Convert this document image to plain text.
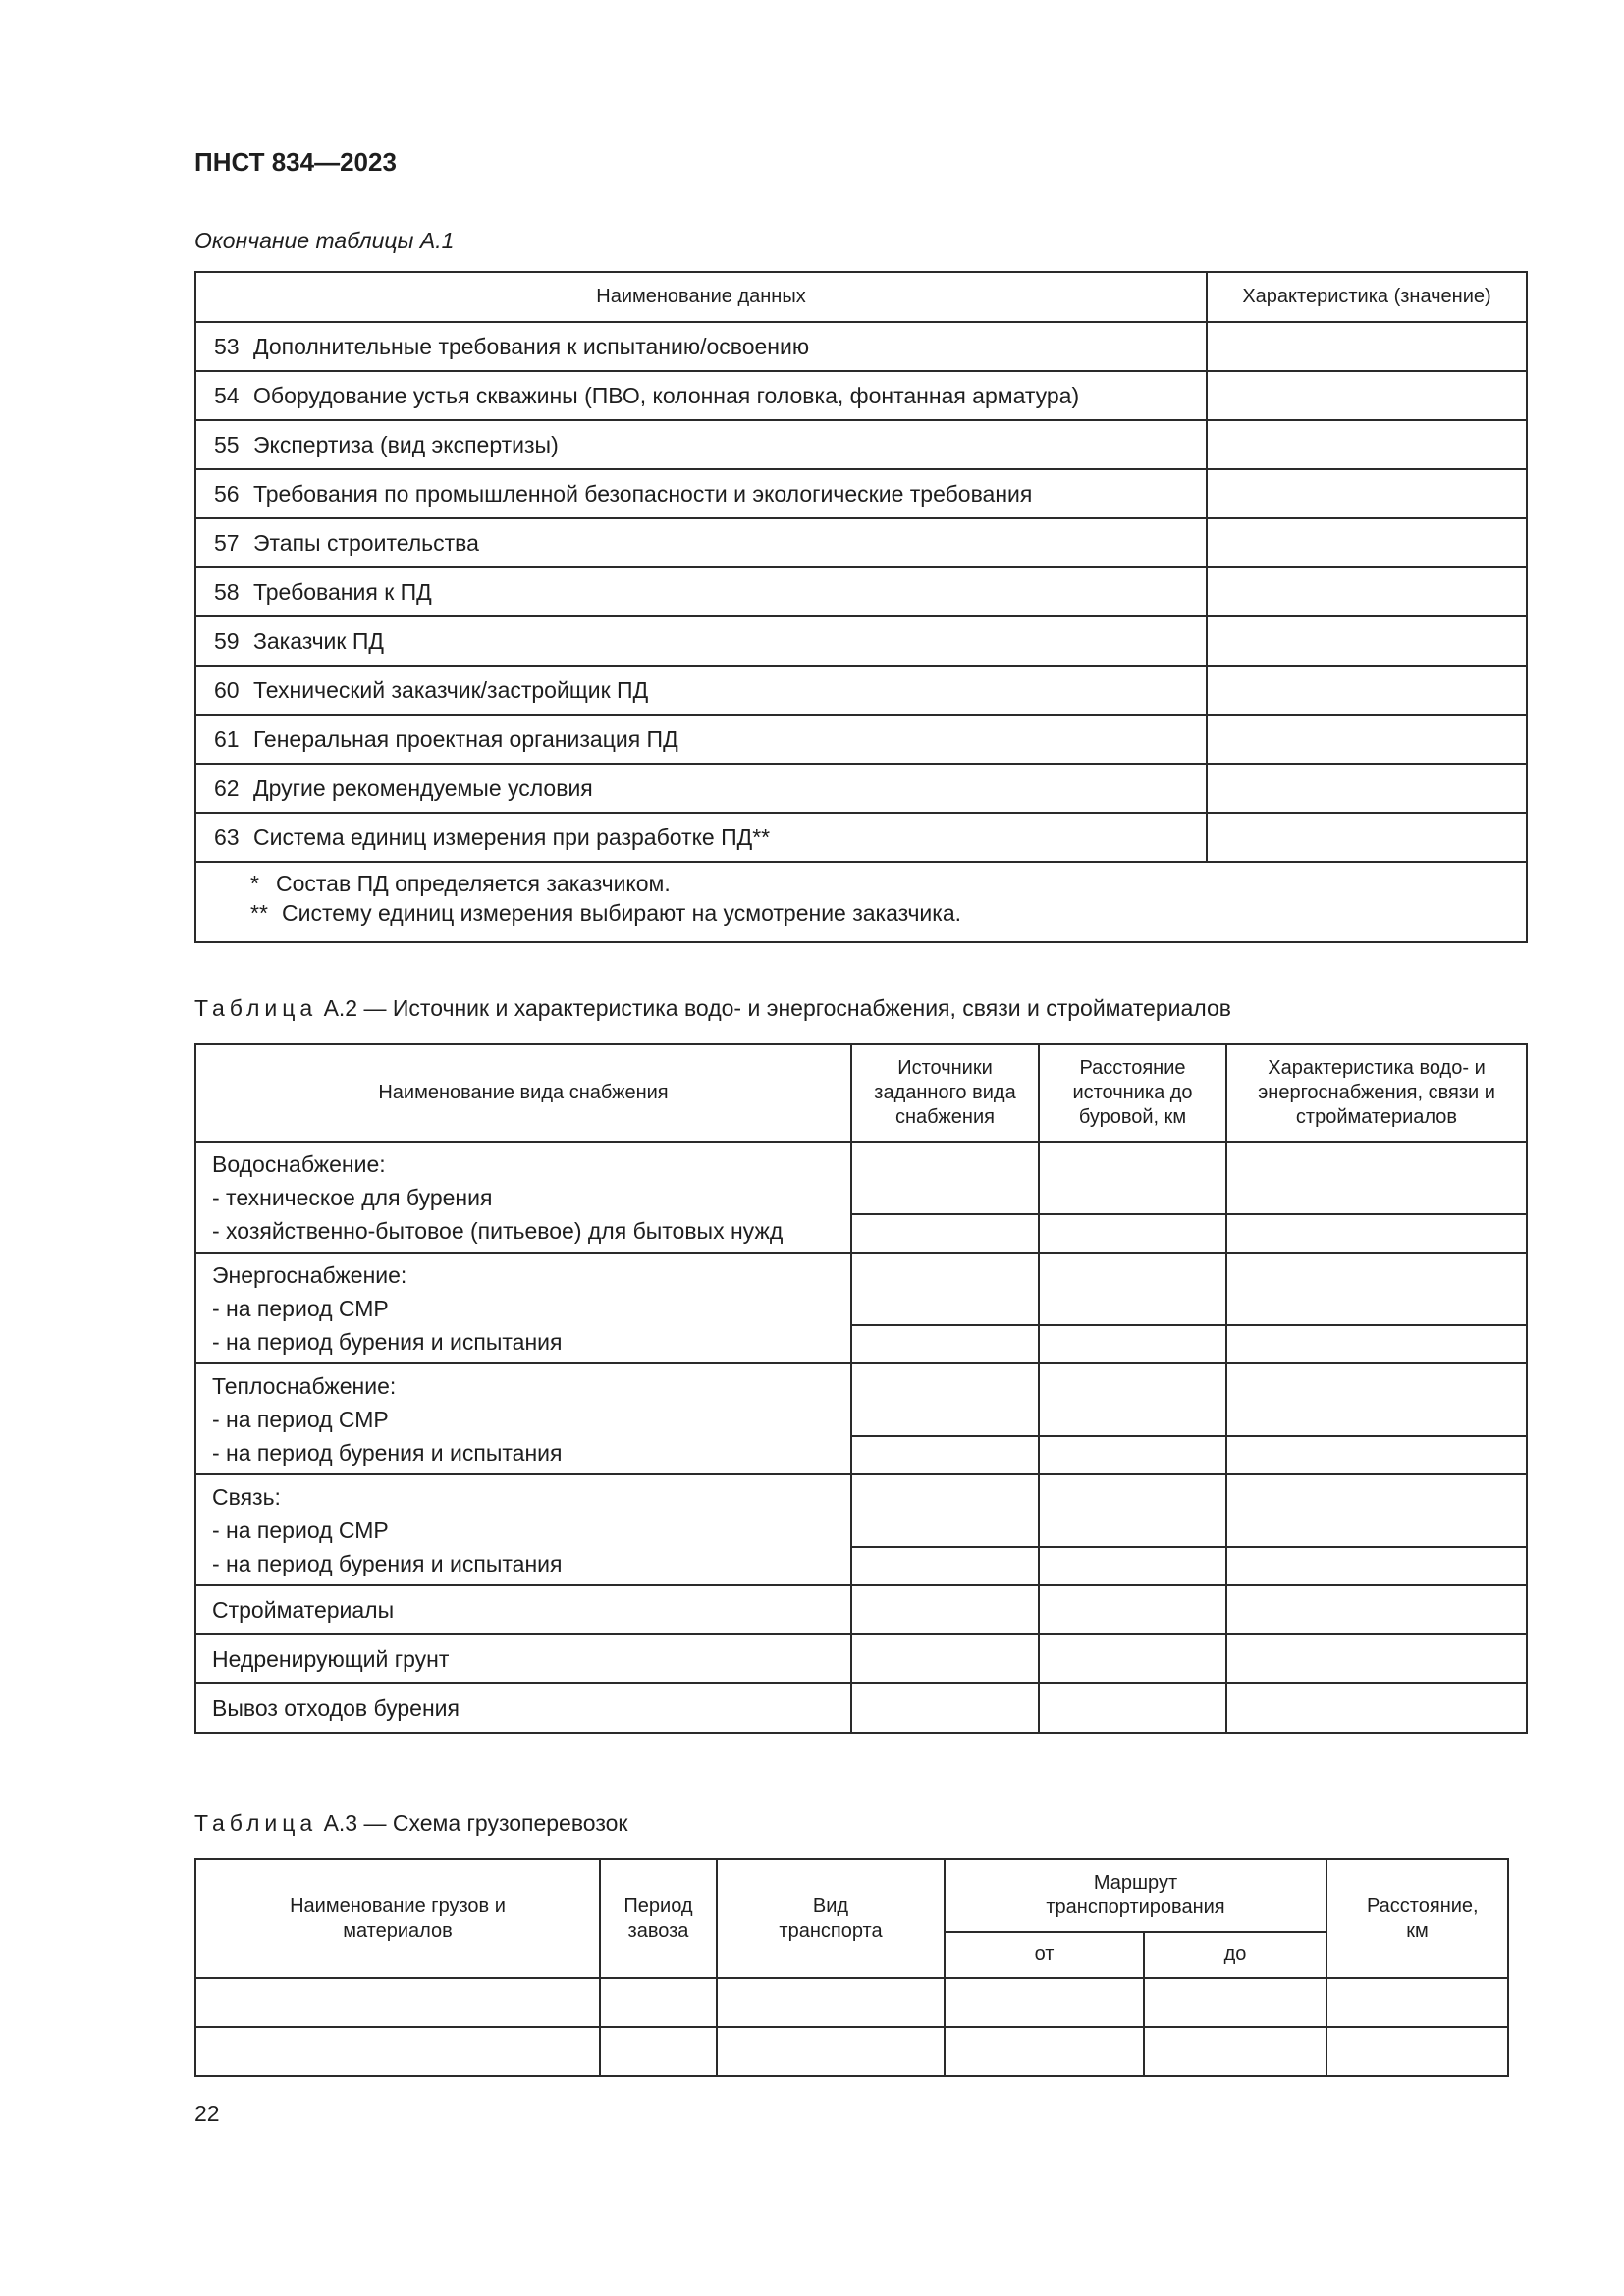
ПНСТ 834—2023
Окончание таблицы А.1
Наименование данных	Характеристика (значение)
53 Дополнительные требования к испытанию/освоению	
54 Оборудование устья скважины (ПВО, колонная головка, фонтанная арматура)	
55 Экспертиза (вид экспертизы)	
56 Требования по промышленной безопасности и экологические требования	
57 Этапы строительства	
58 Требования к ПД	
59 Заказчик ПД	
60 Технический заказчик/застройщик ПД	
61 Генеральная проектная организация ПД	
62 Другие рекомендуемые условия	
63 Система единиц измерения при разработке ПД**	

* Состав ПД определяется заказчиком.
** Систему единиц измерения выбирают на усмотрение заказчика.	
Таблица А.2 — Источник и характеристика водо- и энергоснабжения, связи и стройматериалов
Наименование вида снабжения	Источники заданного вида снабжения	Расстояние источника до буровой, км	Характеристика водо- и энергоснабжения, связи и стройматериалов

Водоснабжение:
- техническое для бурения
- хозяйственно-бытовое (питьевое) для бытовых нужд			

Энергоснабжение:
- на период СМР
- на период бурения и испытания			

Теплоснабжение:
- на период СМР
- на период бурения и испытания			

Связь:
- на период СМР
- на период бурения и испытания			

Стройматериалы			
Недренирующий грунт			
Вывоз отходов бурения			
Таблица А.3 — Схема грузоперевозок
Наименование грузов и материалов	Период завоза	Вид транспорта	Маршрут транспортирования		Расстояние, км
			от	до	

22
